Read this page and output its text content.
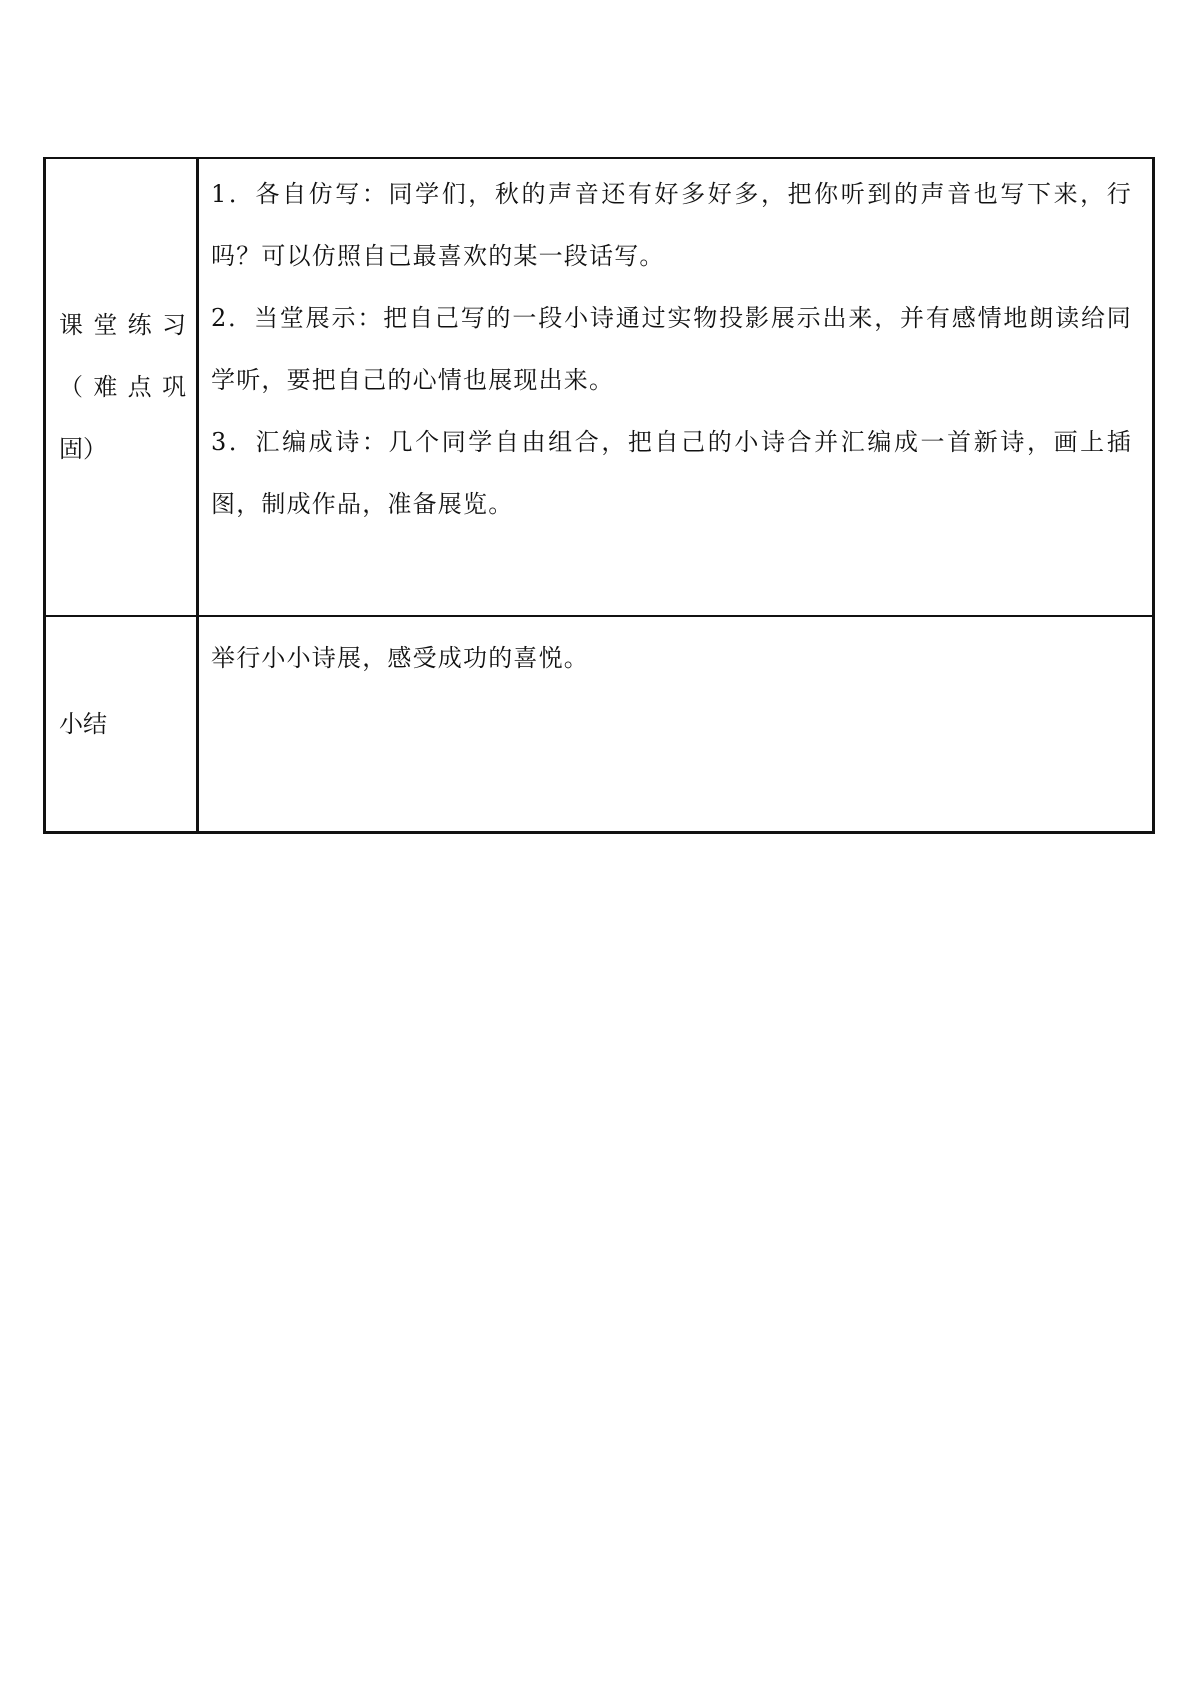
课堂练习（难点巩固）	1．各自仿写：同学们，秋的声音还有好多好多，把你听到的声音也写下来，行吗？可以仿照自己最喜欢的某一段话写。

2．当堂展示：把自己写的一段小诗通过实物投影展示出来，并有感情地朗读给同学听，要把自己的心情也展现出来。

3．汇编成诗：几个同学自由组合，把自己的小诗合并汇编成一首新诗，画上插图，制成作品，准备展览。

小结	举行小小诗展，感受成功的喜悦。
